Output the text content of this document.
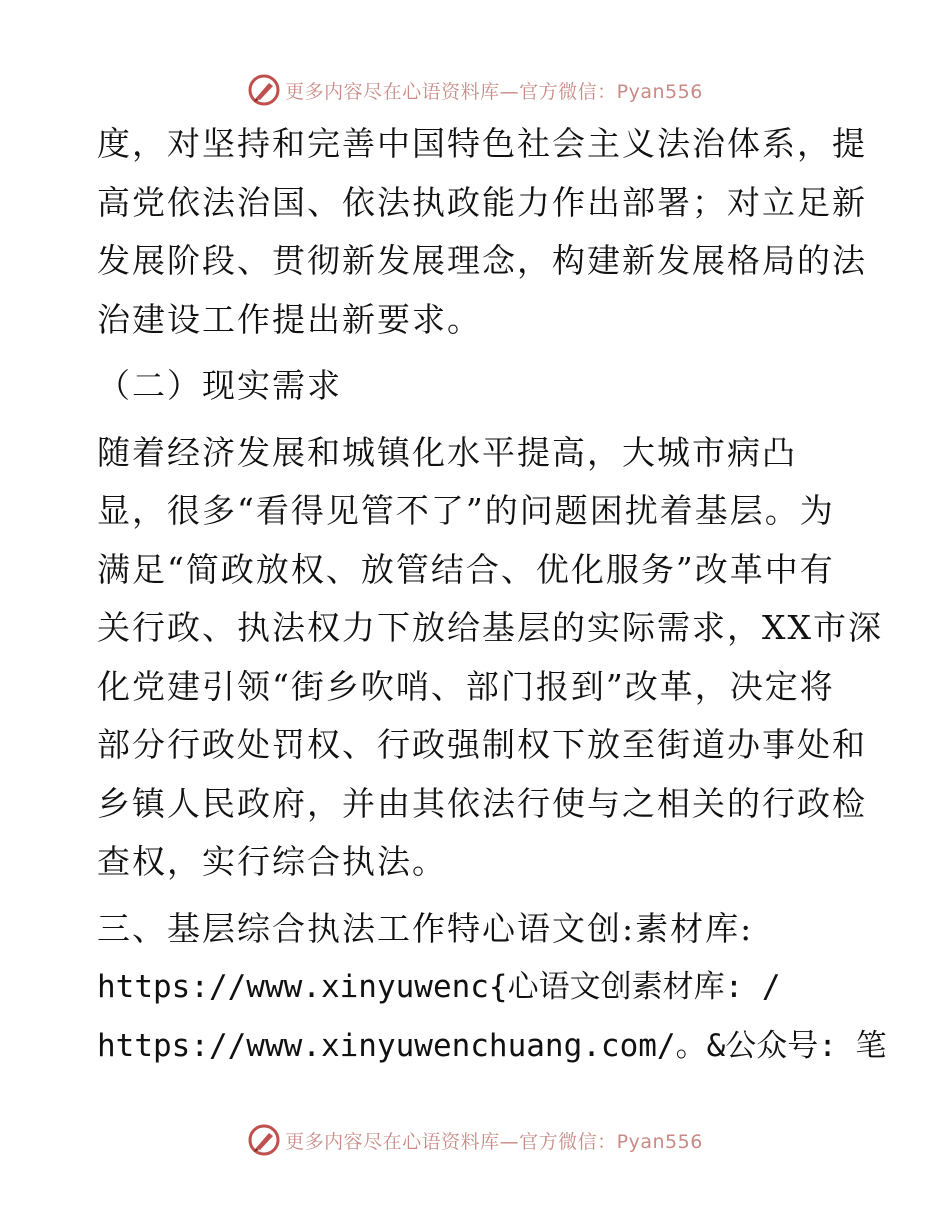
更多内容尽在心语资料库—官方微信：Pyan556
度，对坚持和完善中国特色社会主义法治体系，提
高党依法治国、依法执政能力作出部署；对立足新
发展阶段、贯彻新发展理念，构建新发展格局的法
治建设工作提出新要求。
（二）现实需求
随着经济发展和城镇化水平提高，大城市病凸
显，很多“看得见管不了”的问题困扰着基层。为
满足“简政放权、放管结合、优化服务”改革中有
关行政、执法权力下放给基层的实际需求，XX市深
化党建引领“街乡吹哨、部门报到”改革，决定将
部分行政处罚权、行政强制权下放至街道办事处和
乡镇人民政府，并由其依法行使与之相关的行政检
查权，实行综合执法。
三、基层综合执法工作特心语文创:素材库:
https://www.xinyuwenc{心语文创素材库: /
https://www.xinyuwenchuang.com/。&公众号: 笔
更多内容尽在心语资料库—官方微信：Pyan556
